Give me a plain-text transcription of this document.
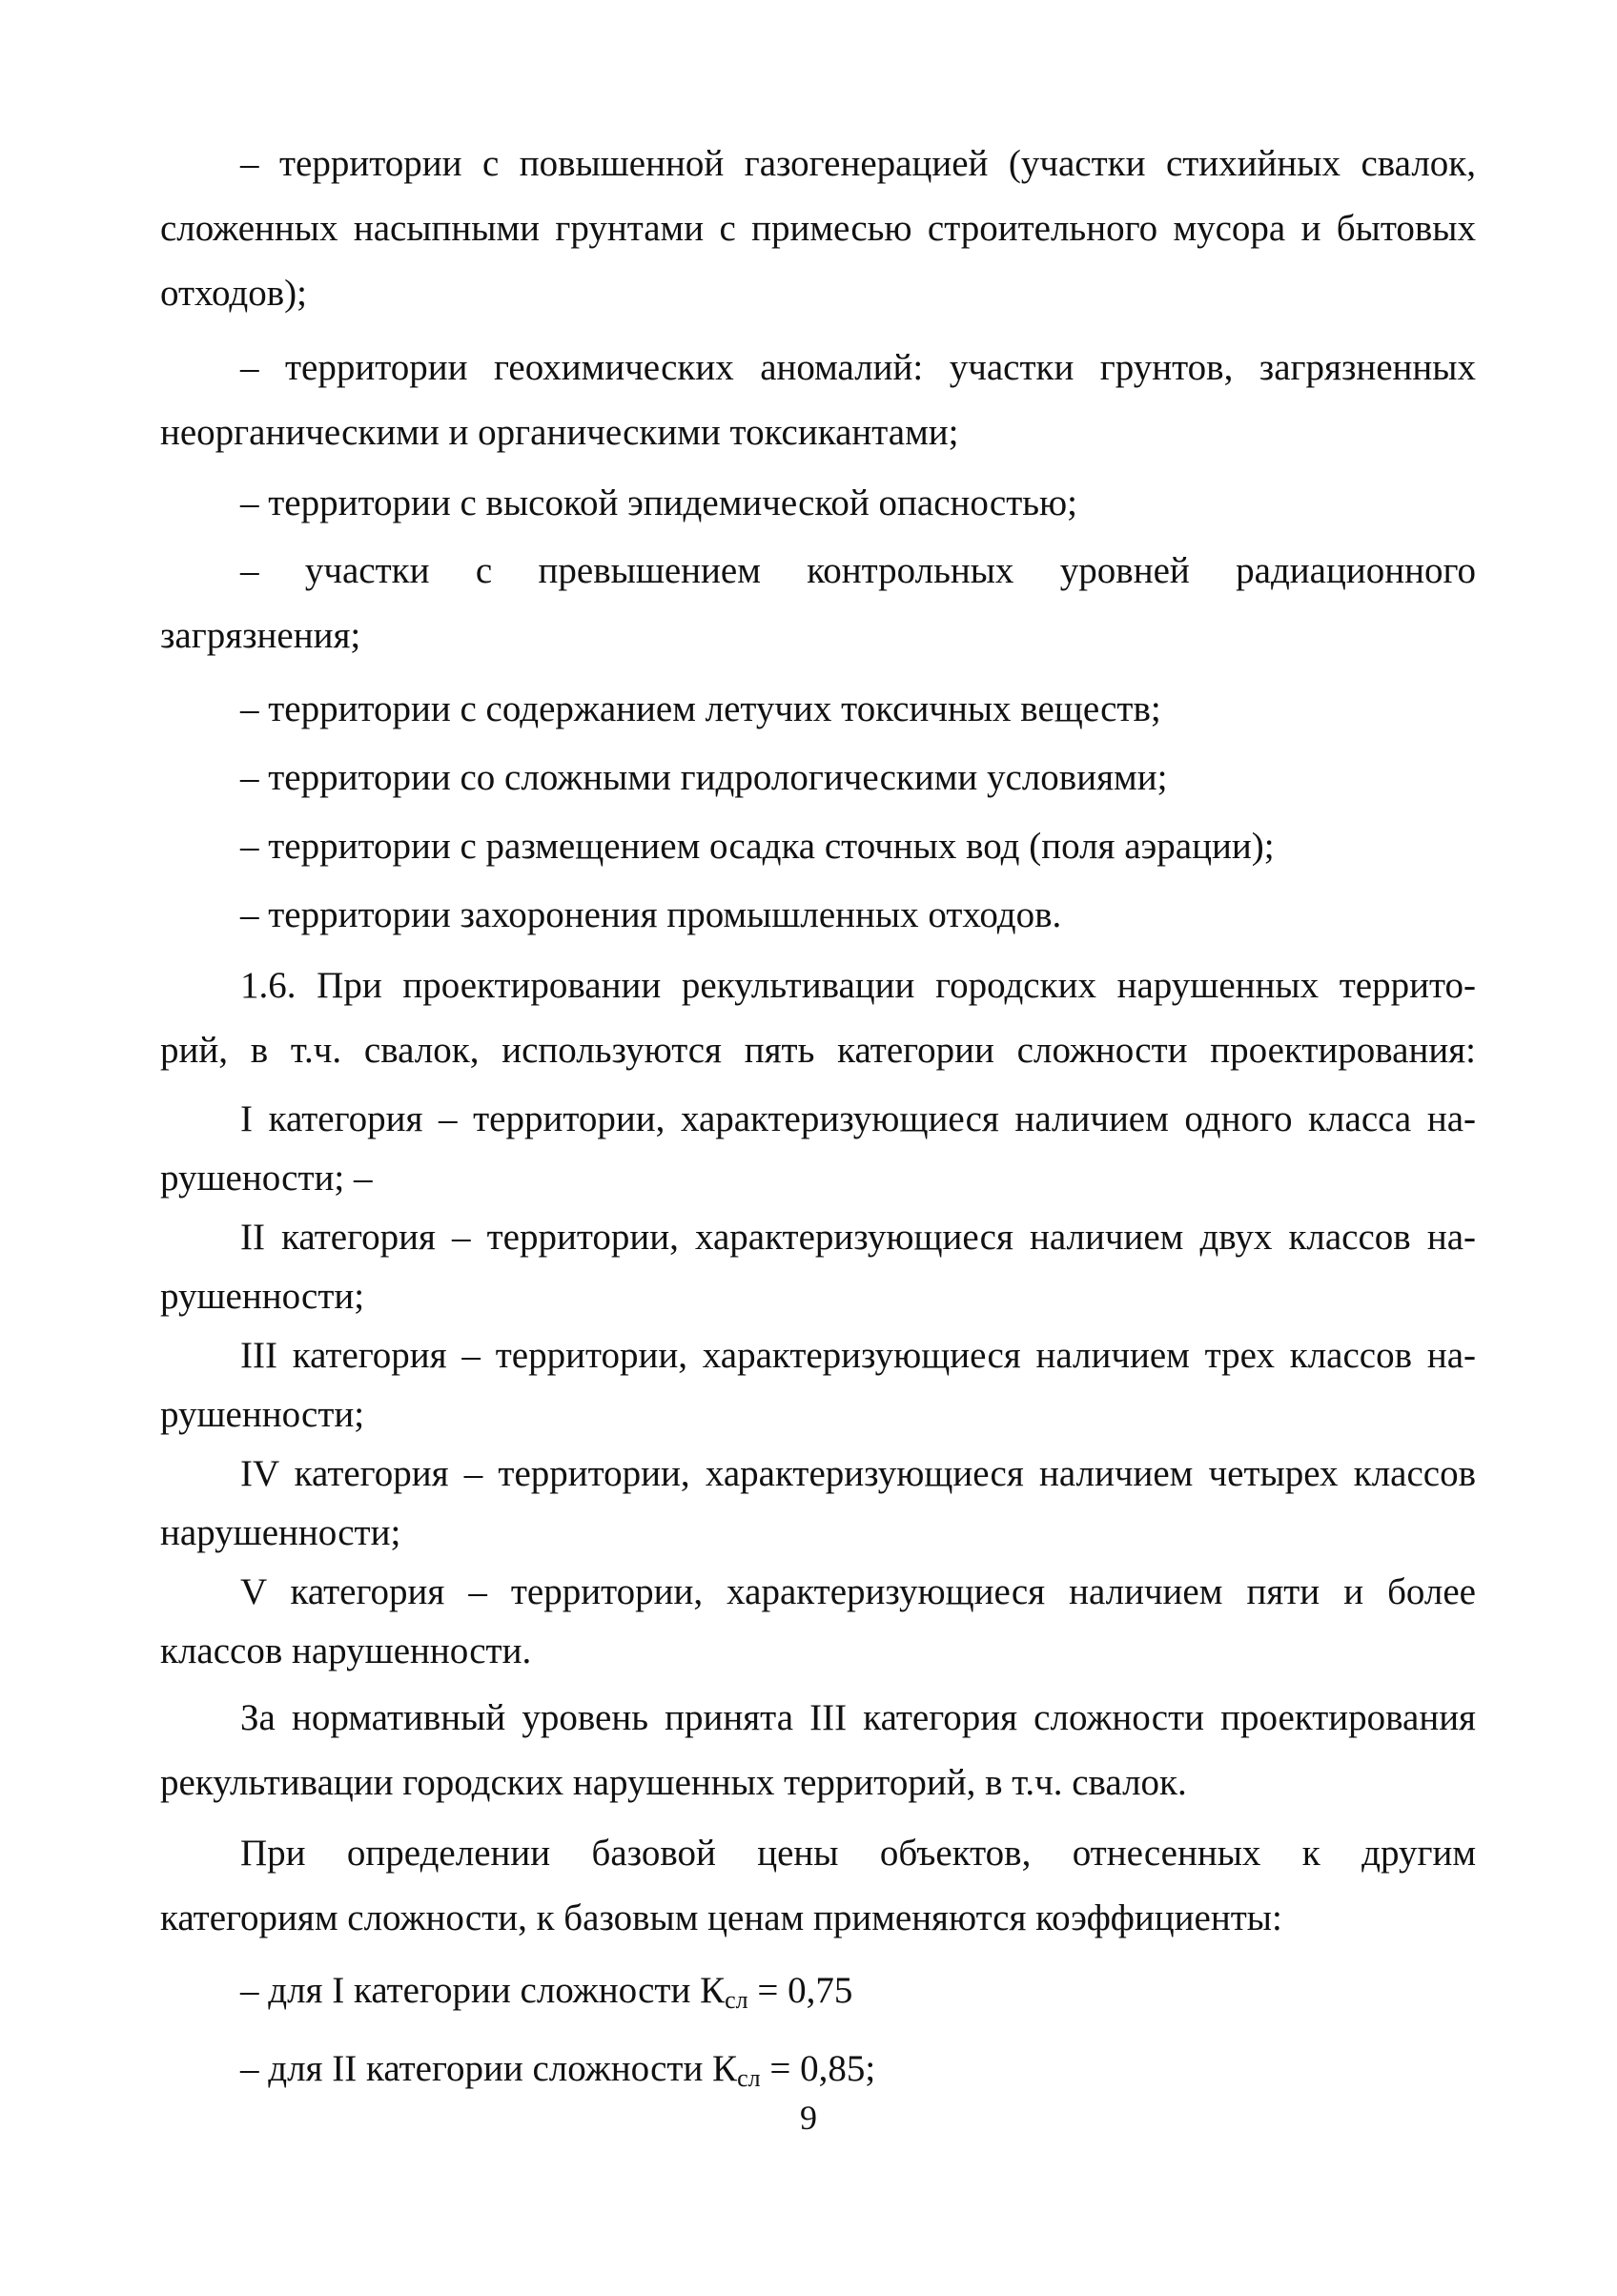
– территории с повышенной газогенерацией (участки стихийных свалок,
сложенных насыпными грунтами с примесью строительного мусора и бытовых
отходов);
– территории геохимических аномалий: участки грунтов, загрязненных
неорганическими и органическими токсикантами;
– территории с высокой эпидемической опасностью;
– участки с превышением контрольных уровней радиационного
загрязнения;
– территории с содержанием летучих токсичных веществ;
– территории со сложными гидрологическими условиями;
– территории с размещением осадка сточных вод (поля аэрации);
– территории захоронения промышленных отходов.
1.6. При проектировании рекультивации городских нарушенных террито-
рий, в т.ч. свалок, используются пять категории сложности проектирования:
I категория – территории, характеризующиеся наличием одного класса на-
рушености; –
II категория – территории, характеризующиеся наличием двух классов на-
рушенности;
III категория – территории, характеризующиеся наличием трех классов на-
рушенности;
IV категория – территории, характеризующиеся наличием четырех классов
нарушенности;
V категория – территории, характеризующиеся наличием пяти и более
классов нарушенности.
За нормативный уровень принята III категория сложности проектирования
рекультивации городских нарушенных территорий, в т.ч. свалок.
При определении базовой цены объектов, отнесенных к другим
категориям сложности, к базовым ценам применяются коэффициенты:
– для I категории сложности $К_{сл} = 0,75$
– для II категории сложности $К_{сл} = 0,85$;
9
